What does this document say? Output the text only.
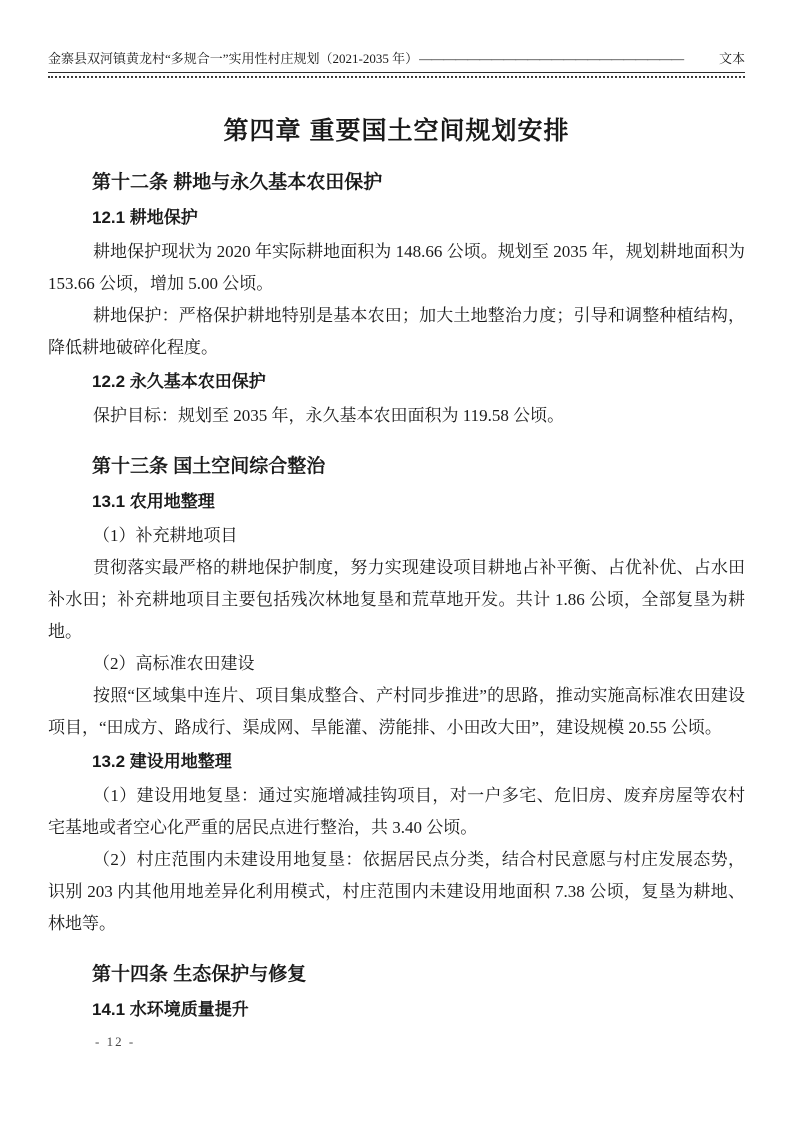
金寨县双河镇黄龙村“多规合一”实用性村庄规划（2021-2035 年） ——————————————————————	文本
第四章 重要国土空间规划安排
第十二条 耕地与永久基本农田保护
12.1 耕地保护

耕地保护现状为 2020 年实际耕地面积为 148.66 公顷。规划至 2035 年，规划耕地面积为 153.66 公顷，增加 5.00 公顷。

耕地保护：严格保护耕地特别是基本农田；加大土地整治力度；引导和调整种植结构，降低耕地破碎化程度。

12.2 永久基本农田保护

保护目标：规划至 2035 年，永久基本农田面积为 119.58 公顷。

第十三条 国土空间综合整治
13.1 农用地整理

（1）补充耕地项目

贯彻落实最严格的耕地保护制度，努力实现建设项目耕地占补平衡、占优补优、占水田补水田；补充耕地项目主要包括残次林地复垦和荒草地开发。共计 1.86 公顷，全部复垦为耕地。

（2）高标准农田建设

按照“区域集中连片、项目集成整合、产村同步推进”的思路，推动实施高标准农田建设项目，“田成方、路成行、渠成网、旱能灌、涝能排、小田改大田”，建设规模 20.55 公顷。

13.2 建设用地整理

（1）建设用地复垦：通过实施增减挂钩项目，对一户多宅、危旧房、废弃房屋等农村宅基地或者空心化严重的居民点进行整治，共 3.40 公顷。

（2）村庄范围内未建设用地复垦：依据居民点分类，结合村民意愿与村庄发展态势，识别 203 内其他用地差异化利用模式，村庄范围内未建设用地面积 7.38 公顷，复垦为耕地、林地等。

第十四条 生态保护与修复
14.1 水环境质量提升
- 12 -
